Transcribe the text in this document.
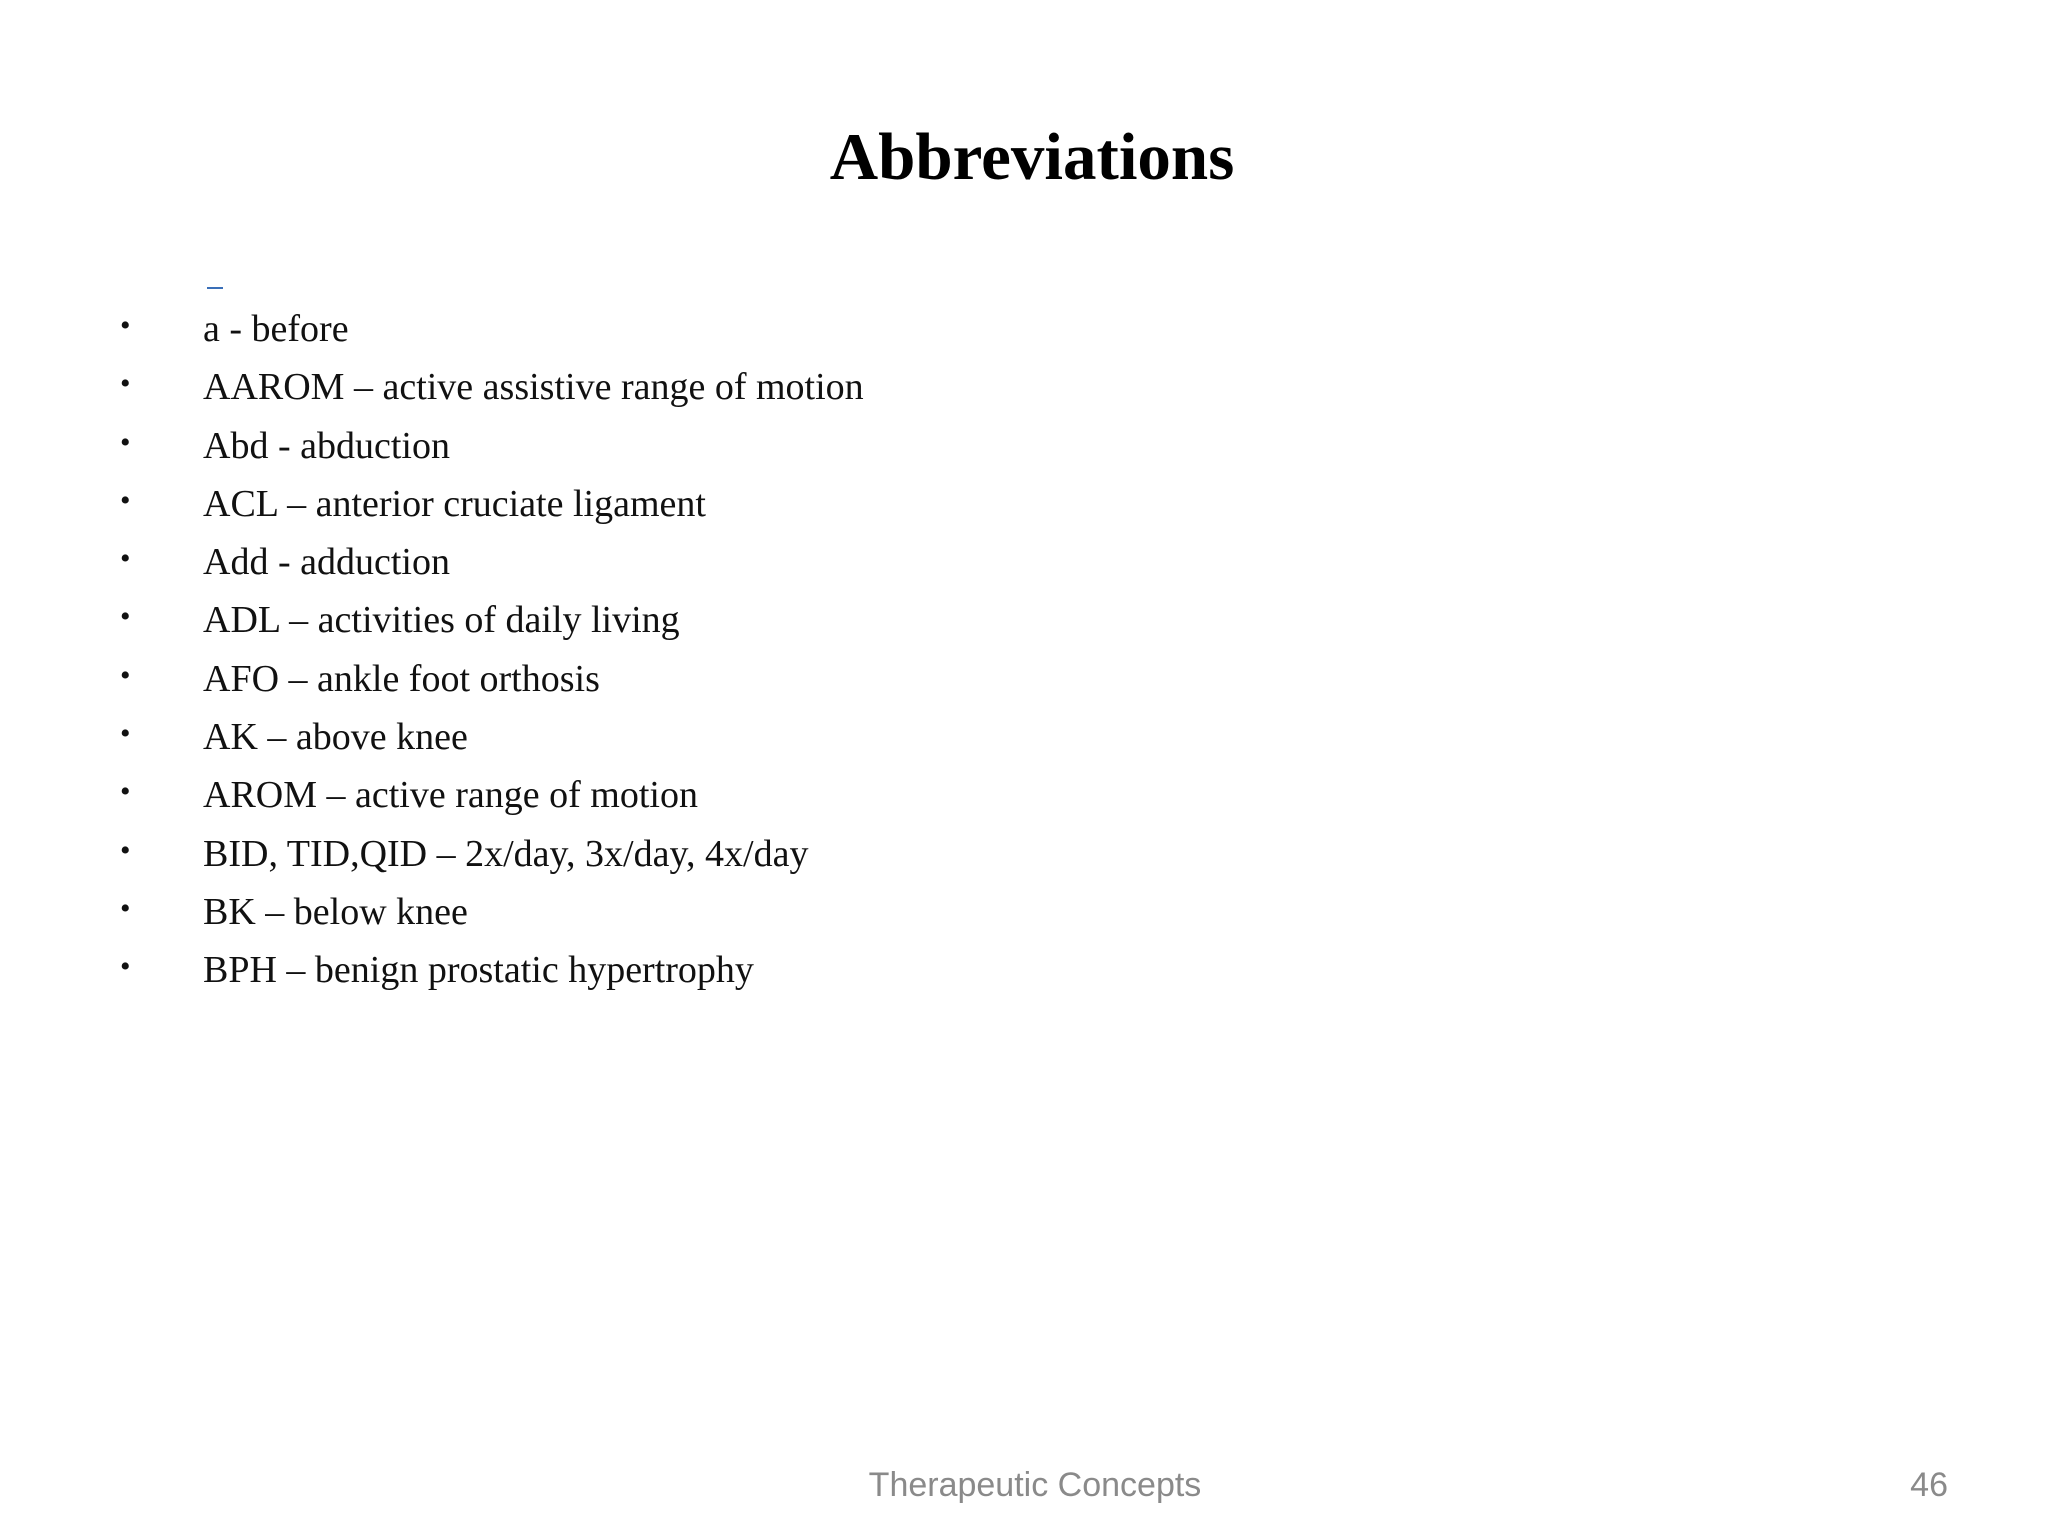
Abbreviations
•	a - before
•	AAROM – active assistive range of motion
•	Abd - abduction
•	ACL – anterior cruciate ligament
•	Add - adduction
•	ADL – activities of daily living
•	AFO – ankle foot orthosis
•	AK – above knee
•	AROM – active range of motion
•	BID, TID,QID – 2x/day, 3x/day, 4x/day
•	BK – below knee
•	BPH – benign prostatic hypertrophy
Therapeutic Concepts	46
